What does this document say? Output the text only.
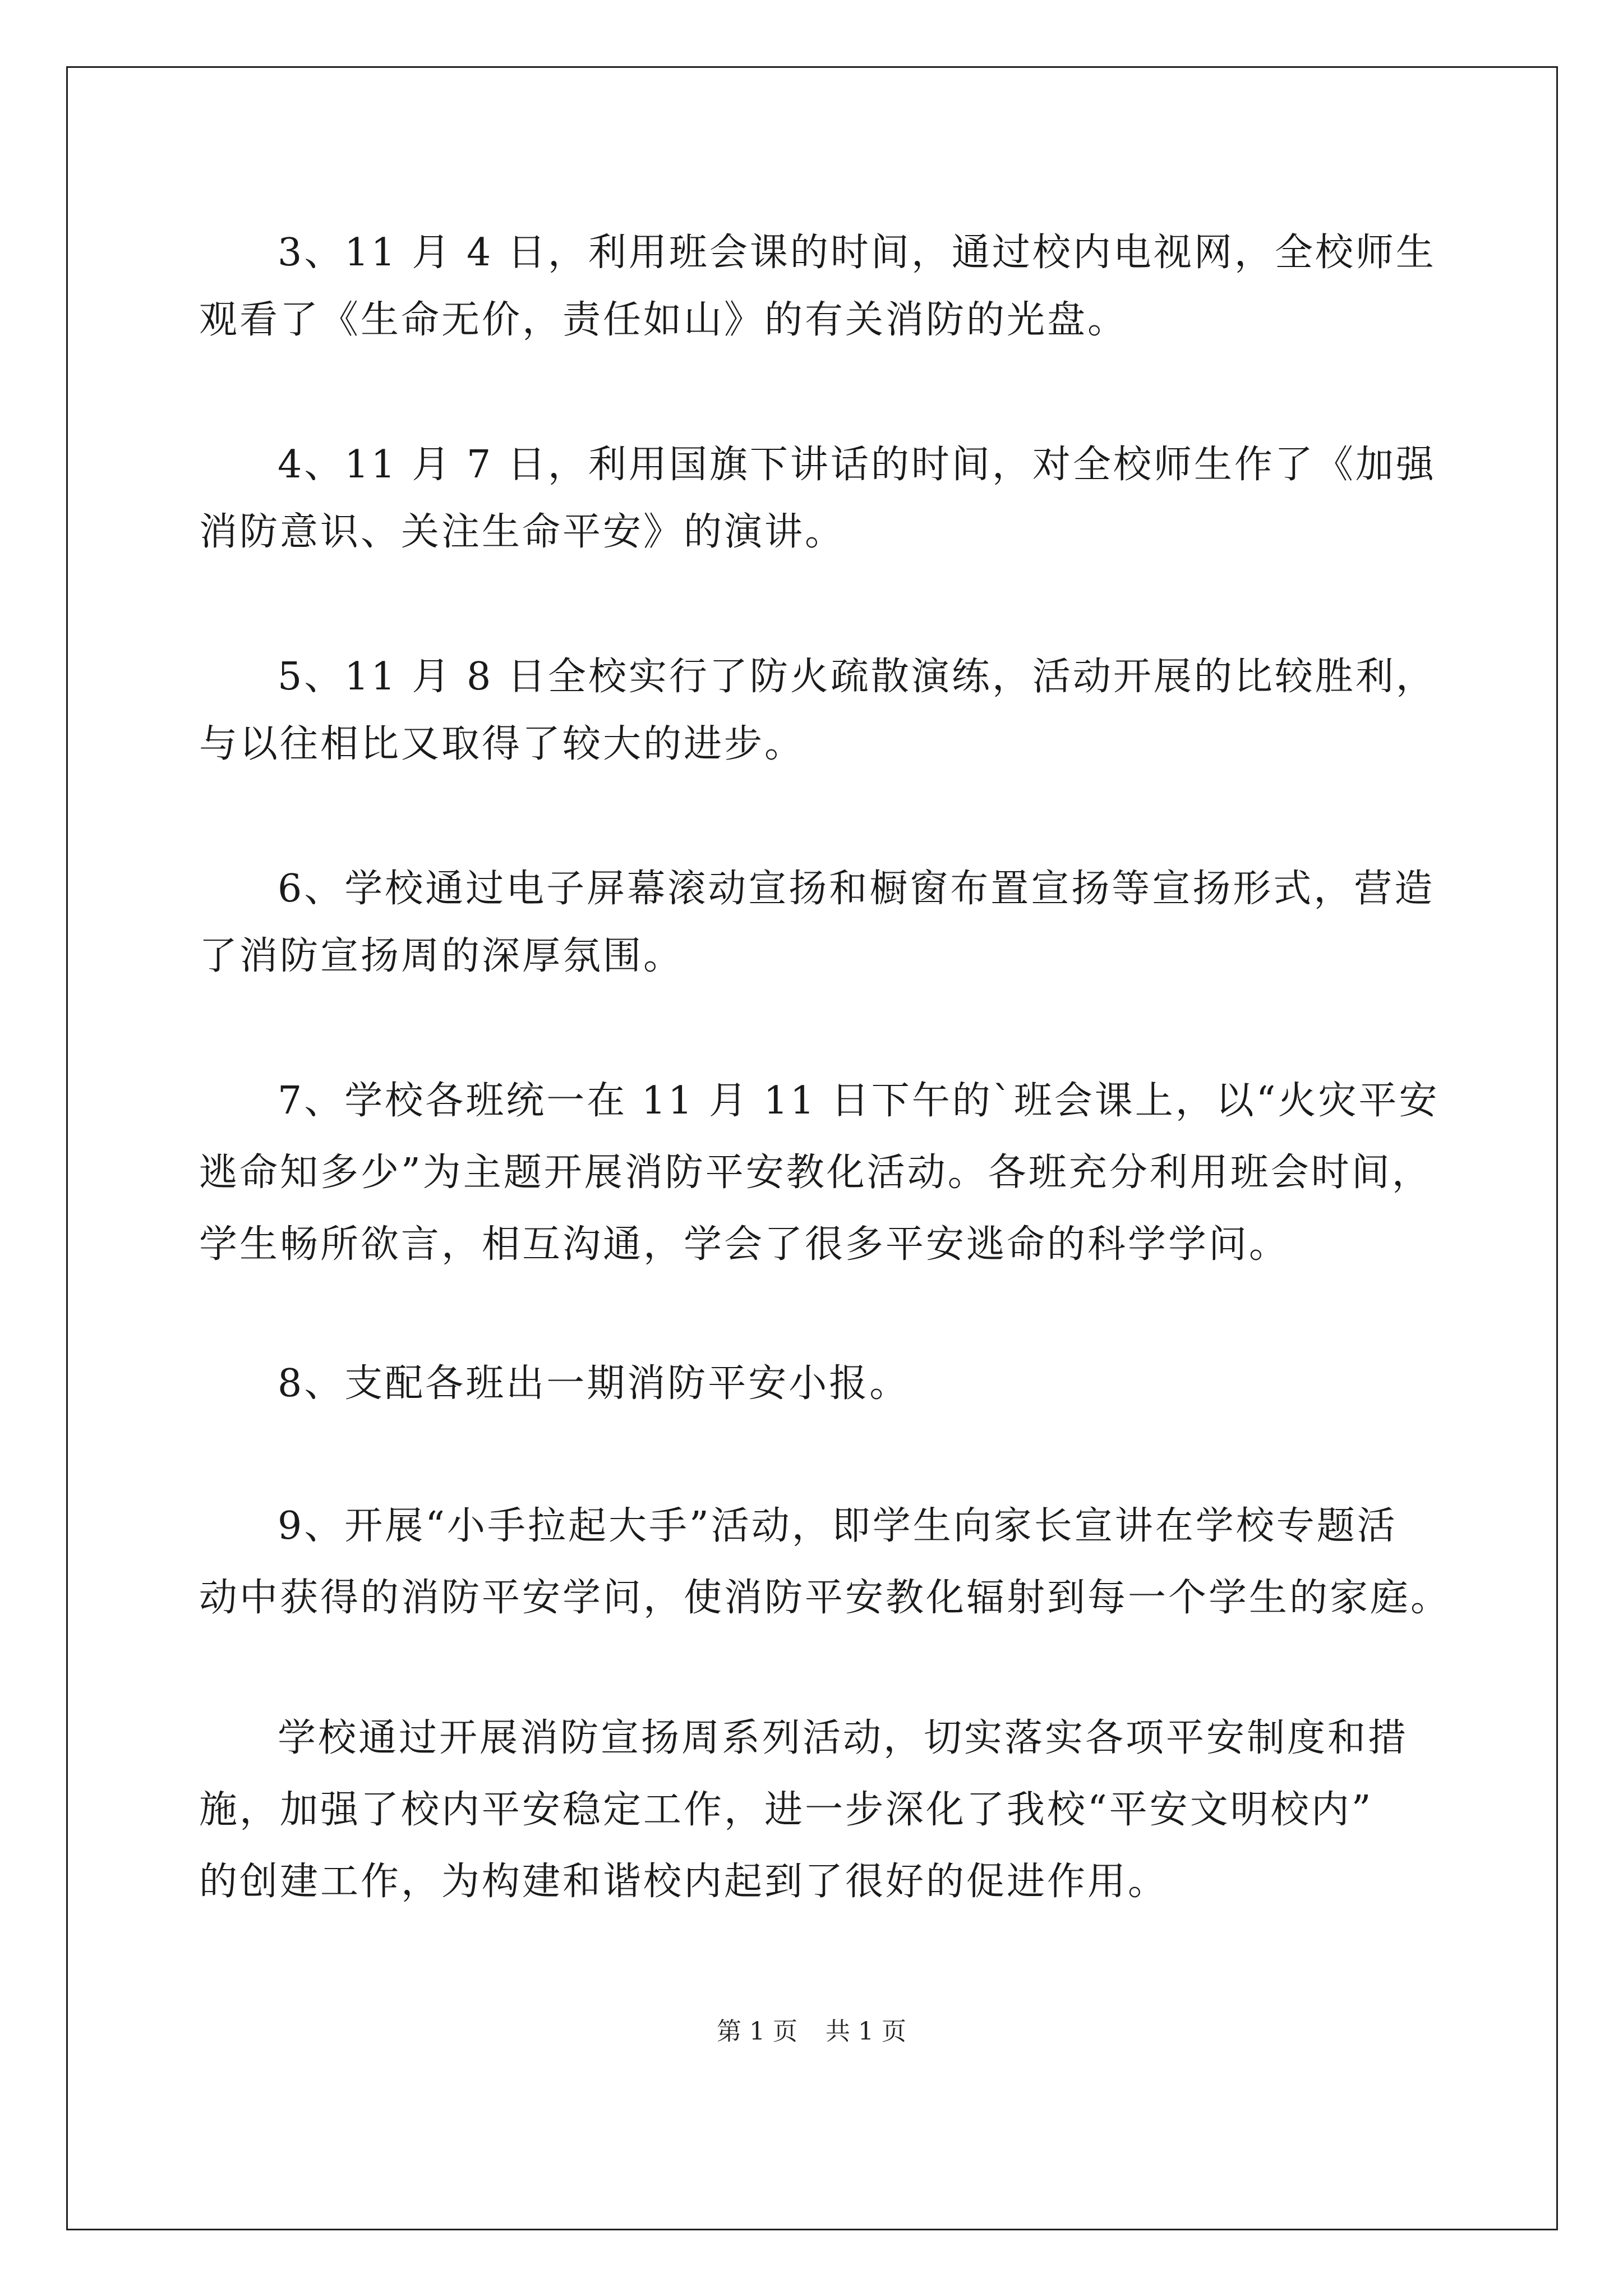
3、11 月 4 日，利用班会课的时间，通过校内电视网，全校师生
观看了《生命无价，责任如山》的有关消防的光盘。
4、11 月 7 日，利用国旗下讲话的时间，对全校师生作了《加强
消防意识、关注生命平安》的演讲。
5、11 月 8 日全校实行了防火疏散演练，活动开展的比较胜利，
与以往相比又取得了较大的进步。
6、学校通过电子屏幕滚动宣扬和橱窗布置宣扬等宣扬形式，营造
了消防宣扬周的深厚氛围。
7、学校各班统一在 11 月 11 日下午的`班会课上，以“火灾平安
逃命知多少”为主题开展消防平安教化活动。各班充分利用班会时间，
学生畅所欲言，相互沟通，学会了很多平安逃命的科学学问。
8、支配各班出一期消防平安小报。
9、开展“小手拉起大手”活动，即学生向家长宣讲在学校专题活
动中获得的消防平安学问，使消防平安教化辐射到每一个学生的家庭。
学校通过开展消防宣扬周系列活动，切实落实各项平安制度和措
施，加强了校内平安稳定工作，进一步深化了我校“平安文明校内”
的创建工作，为构建和谐校内起到了很好的促进作用。
第 1 页 共 1 页
